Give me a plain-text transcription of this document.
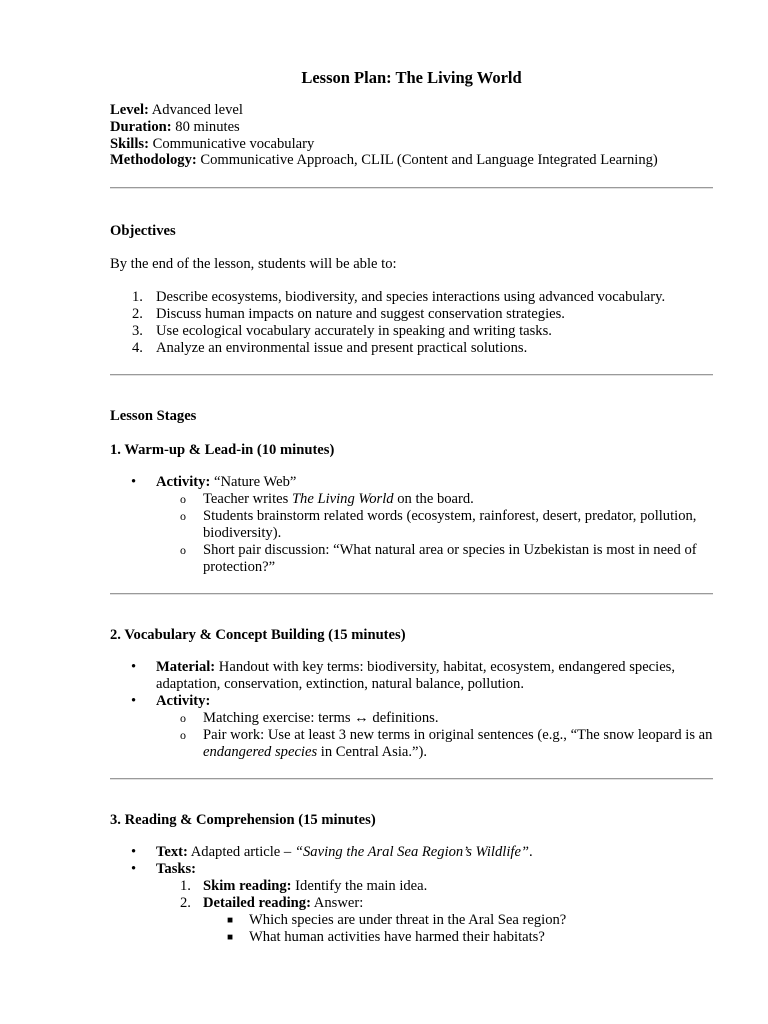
Lesson Plan: The Living World

Level: Advanced level

Duration: 80 minutes

Skills: Communicative vocabulary

Methodology: Communicative Approach, CLIL (Content and Language Integrated Learning)

Objectives

By the end of the lesson, students will be able to:

1. Describe ecosystems, biodiversity, and species interactions using advanced vocabulary.
2. Discuss human impacts on nature and suggest conservation strategies.
3. Use ecological vocabulary accurately in speaking and writing tasks.
4. Analyze an environmental issue and present practical solutions.

Lesson Stages

1. Warm-up & Lead-in (10 minutes)

• Activity: “Nature Web”
o Teacher writes The Living World on the board.
o Students brainstorm related words (ecosystem, rainforest, desert, predator, pollution, biodiversity).
o Short pair discussion: “What natural area or species in Uzbekistan is most in need of protection?”

2. Vocabulary & Concept Building (15 minutes)

• Material: Handout with key terms: biodiversity, habitat, ecosystem, endangered species, adaptation, conservation, extinction, natural balance, pollution.
• Activity:
o Matching exercise: terms ↔ definitions.
o Pair work: Use at least 3 new terms in original sentences (e.g., “The snow leopard is an endangered species in Central Asia.”).

3. Reading & Comprehension (15 minutes)

• Text: Adapted article – “Saving the Aral Sea Region’s Wildlife”.
• Tasks:
1. Skim reading: Identify the main idea.
2. Detailed reading: Answer:
■ Which species are under threat in the Aral Sea region?
■ What human activities have harmed their habitats?
